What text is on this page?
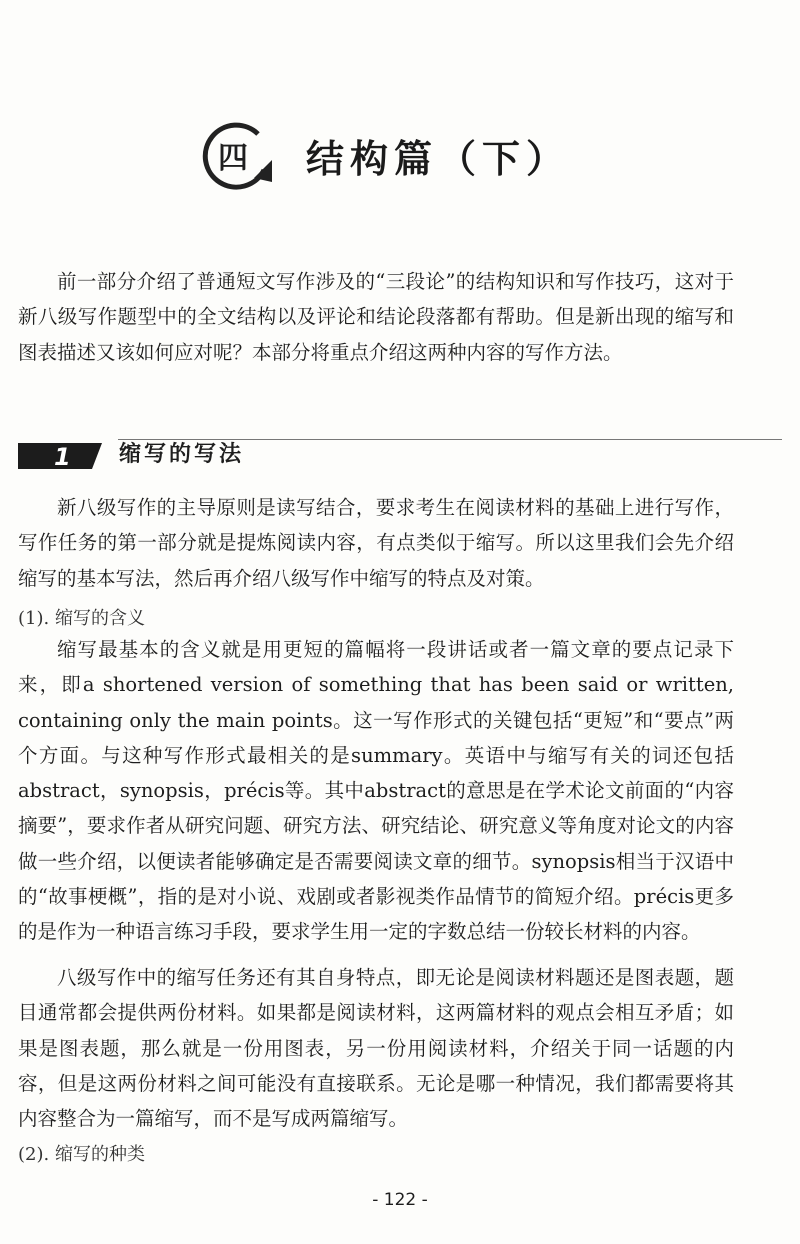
四	结构篇（下）

前一部分介绍了普通短文写作涉及的“三段论”的结构知识和写作技巧，这对于新八级写作题型中的全文结构以及评论和结论段落都有帮助。但是新出现的缩写和图表描述又该如何应对呢？本部分将重点介绍这两种内容的写作方法。

1 缩写的写法

新八级写作的主导原则是读写结合，要求考生在阅读材料的基础上进行写作，写作任务的第一部分就是提炼阅读内容，有点类似于缩写。所以这里我们会先介绍缩写的基本写法，然后再介绍八级写作中缩写的特点及对策。

(1). 缩写的含义

缩写最基本的含义就是用更短的篇幅将一段讲话或者一篇文章的要点记录下来，即a shortened version of something that has been said or written, containing only the main points。这一写作形式的关键包括“更短”和“要点”两个方面。与这种写作形式最相关的是summary。英语中与缩写有关的词还包括abstract，synopsis，précis等。其中abstract的意思是在学术论文前面的“内容摘要”，要求作者从研究问题、研究方法、研究结论、研究意义等角度对论文的内容做一些介绍，以便读者能够确定是否需要阅读文章的细节。synopsis相当于汉语中的“故事梗概”，指的是对小说、戏剧或者影视类作品情节的简短介绍。précis更多的是作为一种语言练习手段，要求学生用一定的字数总结一份较长材料的内容。

八级写作中的缩写任务还有其自身特点，即无论是阅读材料题还是图表题，题目通常都会提供两份材料。如果都是阅读材料，这两篇材料的观点会相互矛盾；如果是图表题，那么就是一份用图表，另一份用阅读材料，介绍关于同一话题的内容，但是这两份材料之间可能没有直接联系。无论是哪一种情况，我们都需要将其内容整合为一篇缩写，而不是写成两篇缩写。

(2). 缩写的种类
- 122 -
